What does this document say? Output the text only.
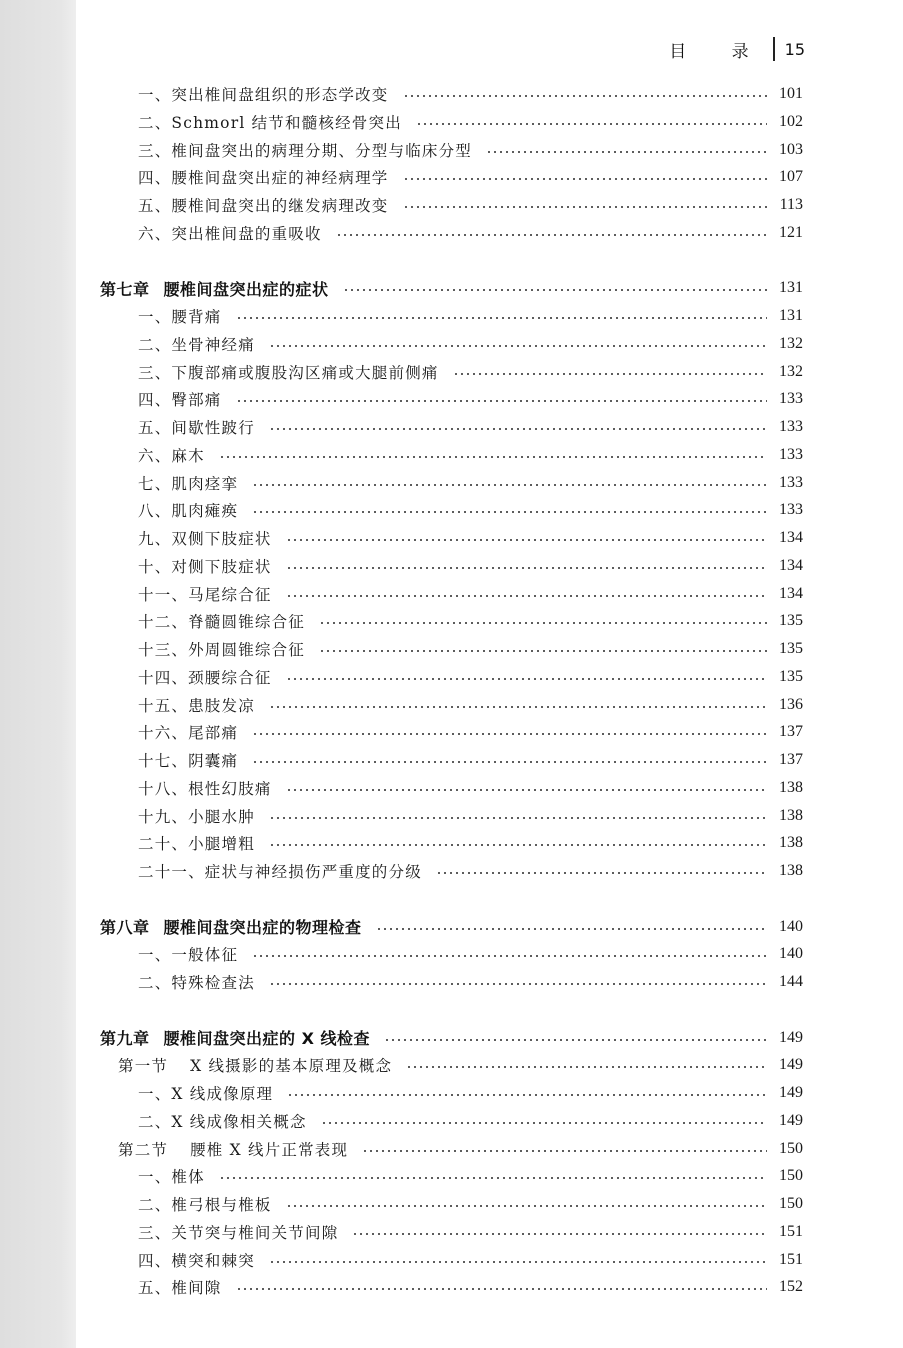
目 录 15
一、突出椎间盘组织的形态学改变	101
二、Schmorl 结节和髓核经骨突出	102
三、椎间盘突出的病理分期、分型与临床分型	103
四、腰椎间盘突出症的神经病理学	107
五、腰椎间盘突出的继发病理改变	113
六、突出椎间盘的重吸收	121
第七章 腰椎间盘突出症的症状	131
一、腰背痛	131
二、坐骨神经痛	132
三、下腹部痛或腹股沟区痛或大腿前侧痛	132
四、臀部痛	133
五、间歇性跛行	133
六、麻木	133
七、肌肉痉挛	133
八、肌肉瘫痪	133
九、双侧下肢症状	134
十、对侧下肢症状	134
十一、马尾综合征	134
十二、脊髓圆锥综合征	135
十三、外周圆锥综合征	135
十四、颈腰综合征	135
十五、患肢发凉	136
十六、尾部痛	137
十七、阴囊痛	137
十八、根性幻肢痛	138
十九、小腿水肿	138
二十、小腿增粗	138
二十一、症状与神经损伤严重度的分级	138
第八章 腰椎间盘突出症的物理检查	140
一、一般体征	140
二、特殊检查法	144
第九章 腰椎间盘突出症的 X 线检查	149
第一节 X 线摄影的基本原理及概念	149
一、X 线成像原理	149
二、X 线成像相关概念	149
第二节 腰椎 X 线片正常表现	150
一、椎体	150
二、椎弓根与椎板	150
三、关节突与椎间关节间隙	151
四、横突和棘突	151
五、椎间隙	152
